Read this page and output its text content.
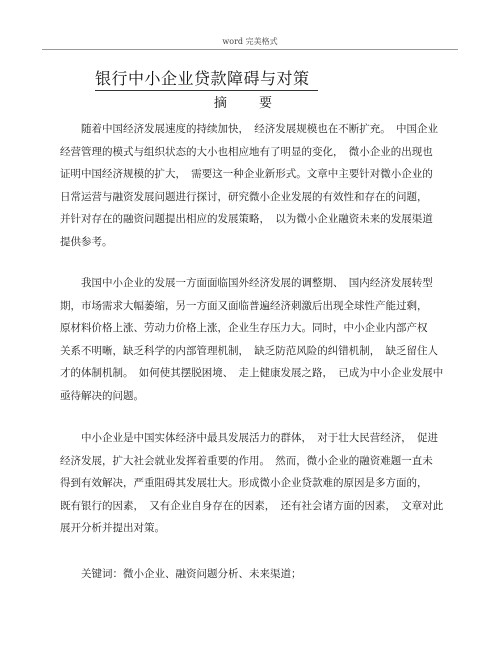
word 完美格式
银行中小企业贷款障碍与对策
摘 要
随着中国经济发展速度的持续加快，　经济发展规模也在不断扩充。　中国企业
经营管理的模式与组织状态的大小也相应地有了明显的变化，　微小企业的出现也
证明中国经济规模的扩大，　需要这一种企业新形式。文章中主要针对微小企业的
日常运营与融资发展问题进行探讨，研究微小企业发展的有效性和存在的问题，
并针对存在的融资问题提出相应的发展策略，　以为微小企业融资未来的发展渠道
提供参考。
我国中小企业的发展一方面面临国外经济发展的调整期、　国内经济发展转型
期，市场需求大幅萎缩，另一方面又面临普遍经济刺激后出现全球性产能过剩，
原材料价格上涨、劳动力价格上涨，企业生存压力大。同时，中小企业内部产权
关系不明晰，缺乏科学的内部管理机制，　缺乏防范风险的纠错机制，　缺乏留住人
才的体制机制。　如何使其摆脱困境、　走上健康发展之路，　已成为中小企业发展中
亟待解决的问题。
中小企业是中国实体经济中最具发展活力的群体，　对于壮大民营经济，　促进
经济发展，扩大社会就业发挥着重要的作用。　然而，微小企业的融资难题一直未
得到有效解决，严重阻碍其发展壮大。形成微小企业贷款难的原因是多方面的，
既有银行的因素，　又有企业自身存在的因素，　还有社会诸方面的因素，　文章对此
展开分析并提出对策。
关键词：微小企业、融资问题分析、未来渠道；
